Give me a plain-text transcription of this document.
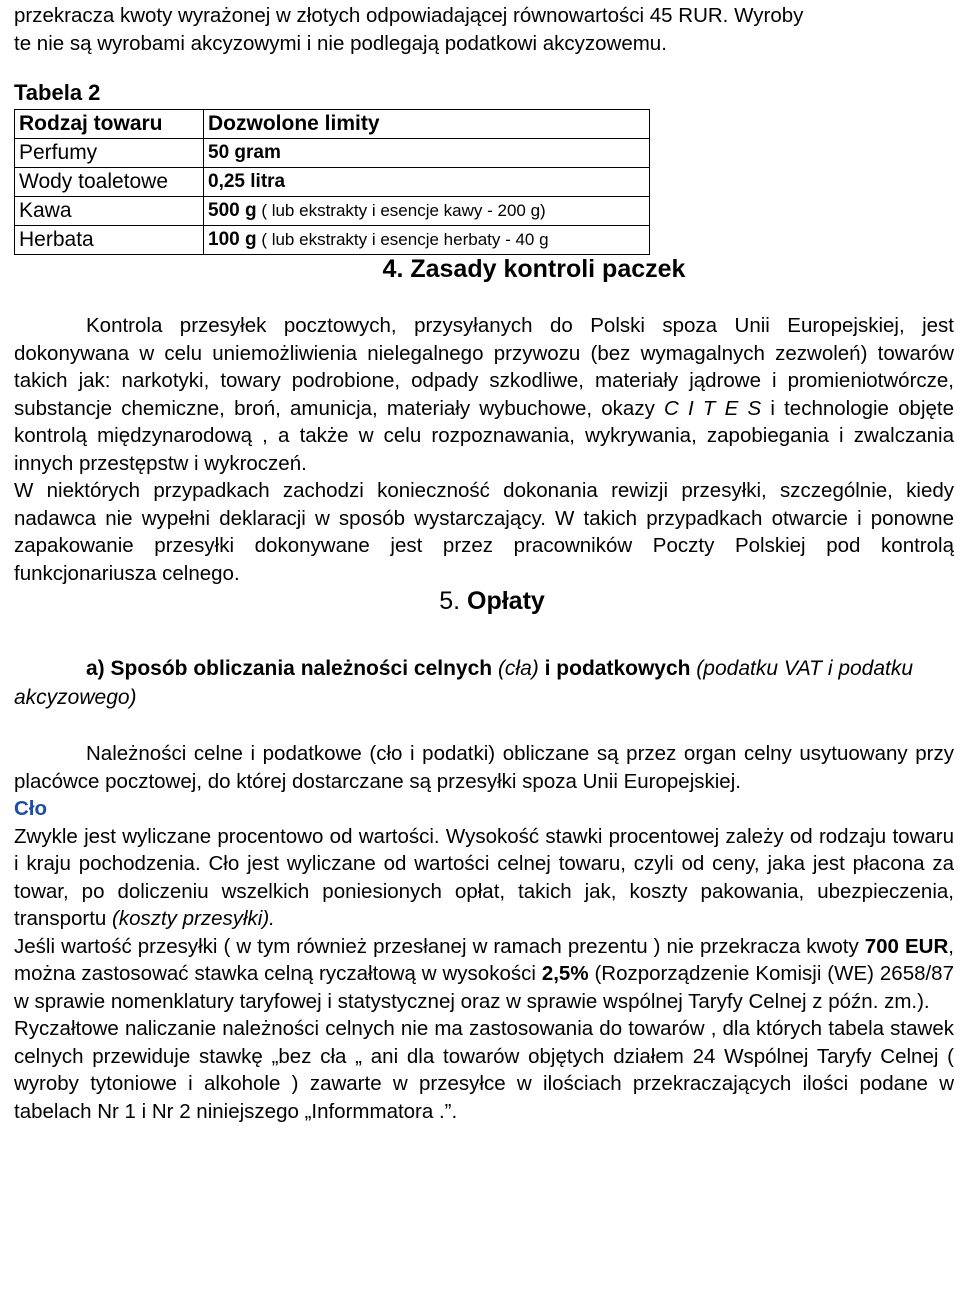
przekracza kwoty wyrażonej w złotych odpowiadającej równowartości 45 RUR. Wyroby
te nie są wyrobami akcyzowymi i nie podlegają podatkowi akcyzowemu.
Tabela 2
Rodzaj towaru	Dozwolone limity
Perfumy	50 gram
Wody toaletowe	0,25 litra
Kawa	500 g ( lub ekstrakty i esencje kawy - 200 g)
Herbata	100 g ( lub ekstrakty i esencje herbaty - 40 g
4. Zasady kontroli paczek

Kontrola przesyłek pocztowych, przysyłanych do Polski spoza Unii Europejskiej, jest dokonywana w celu uniemożliwienia nielegalnego przywozu (bez wymagalnych zezwoleń) towarów takich jak: narkotyki, towary podrobione, odpady szkodliwe, materiały jądrowe i promieniotwórcze, substancje chemiczne, broń, amunicja, materiały wybuchowe, okazy C I T E S i technologie objęte kontrolą międzynarodową , a także w celu rozpoznawania, wykrywania, zapobiegania i zwalczania innych przestępstw i wykroczeń.

W niektórych przypadkach zachodzi konieczność dokonania rewizji przesyłki, szczególnie, kiedy nadawca nie wypełni deklaracji w sposób wystarczający. W takich przypadkach otwarcie i ponowne zapakowanie przesyłki dokonywane jest przez pracowników Poczty Polskiej pod kontrolą funkcjonariusza celnego.

5. Opłaty
a) Sposób obliczania należności celnych (cła) i podatkowych (podatku VAT i podatku akcyzowego)

Należności celne i podatkowe (cło i podatki) obliczane są przez organ celny usytuowany przy placówce pocztowej, do której dostarczane są przesyłki spoza Unii Europejskiej.

Cło

Zwykle jest wyliczane procentowo od wartości. Wysokość stawki procentowej zależy od rodzaju towaru i kraju pochodzenia. Cło jest wyliczane od wartości celnej towaru, czyli od ceny, jaka jest płacona za towar, po doliczeniu wszelkich poniesionych opłat, takich jak, koszty pakowania, ubezpieczenia, transportu (koszty przesyłki).

Jeśli wartość przesyłki ( w tym również przesłanej w ramach prezentu ) nie przekracza kwoty 700 EUR, można zastosować stawka celną ryczałtową w wysokości 2,5% (Rozporządzenie Komisji (WE) 2658/87 w sprawie nomenklatury taryfowej i statystycznej oraz w sprawie wspólnej Taryfy Celnej z późn. zm.).

Ryczałtowe naliczanie należności celnych nie ma zastosowania do towarów , dla których tabela stawek celnych przewiduje stawkę „bez cła „ ani dla towarów objętych działem 24 Wspólnej Taryfy Celnej ( wyroby tytoniowe i alkohole ) zawarte w przesyłce w ilościach przekraczających ilości podane w tabelach Nr 1 i Nr 2 niniejszego „Informmatora .”.
